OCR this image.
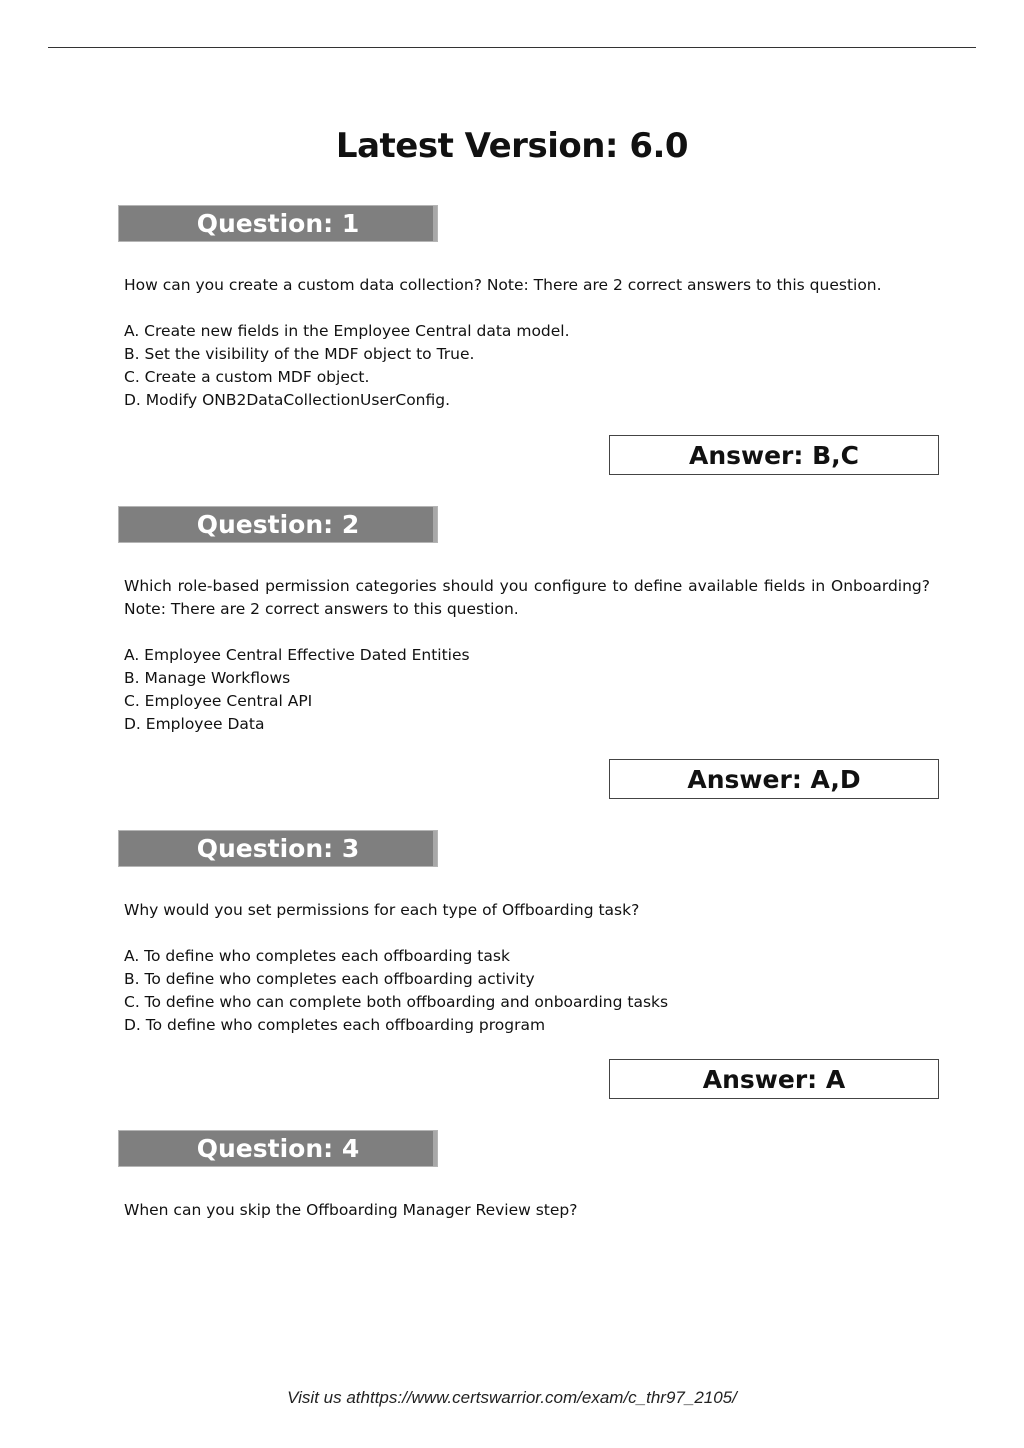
Latest Version: 6.0
Question: 1

How can you create a custom data collection? Note: There are 2 correct answers to this question.

A. Create new fields in the Employee Central data model.
B. Set the visibility of the MDF object to True.
C. Create a custom MDF object.
D. Modify ONB2DataCollectionUserConfig.
Answer: B,C
Question: 2

Which role-based permission categories should you configure to define available fields in Onboarding?

Note: There are 2 correct answers to this question.

A. Employee Central Effective Dated Entities
B. Manage Workflows
C. Employee Central API
D. Employee Data
Answer: A,D
Question: 3

Why would you set permissions for each type of Offboarding task?

A. To define who completes each offboarding task
B. To define who completes each offboarding activity
C. To define who can complete both offboarding and onboarding tasks
D. To define who completes each offboarding program
Answer: A
Question: 4

When can you skip the Offboarding Manager Review step?

Visit us athttps://www.certswarrior.com/exam/c_thr97_2105/
